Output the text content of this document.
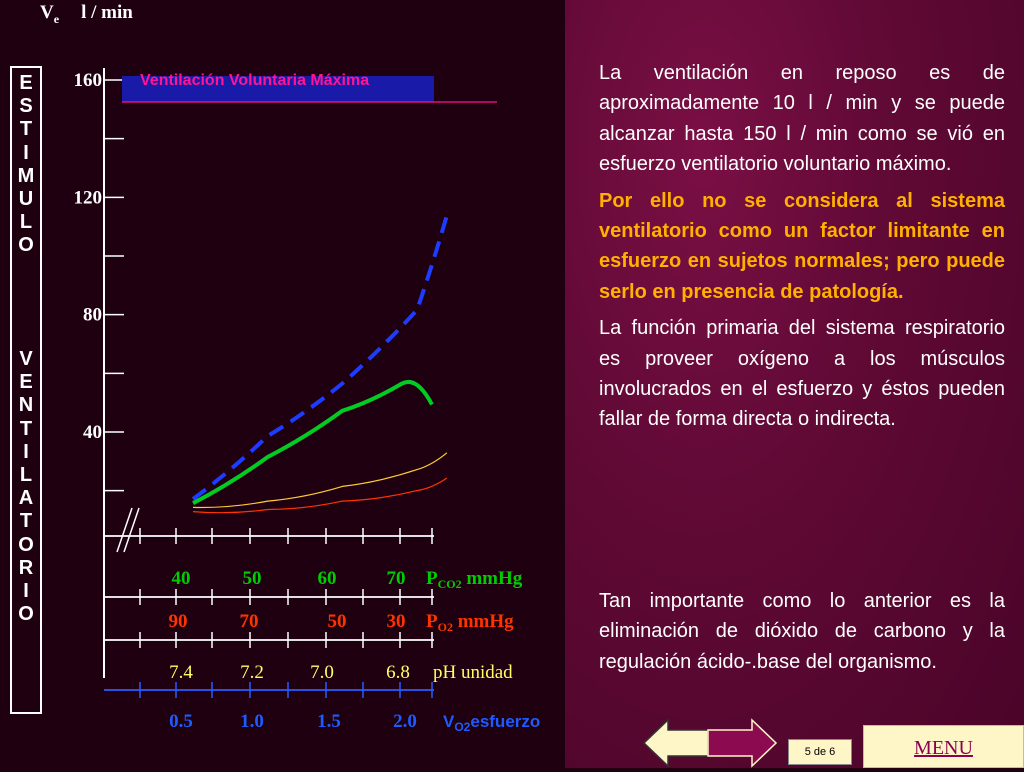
$V_e$ l / min
E
S
T
I
M
U
L
O
V
E
N
T
I
L
A
T
O
R
I
O
160
120
80
40
40	50	60	70 $P_{CO2}$ mmHg
90	70	50 30 $P_{O2}$ mmHg
7.4 7.2 7.0	6.8 pH unidad
0.5 1.0	1.5	2.0 $V_{O2}esfuerzo$
Ventilación Voluntaria Máxima	La ventilación en reposo es de aproximadamente 10 l / min y se puede alcanzar hasta 150 l / min como se vió en esfuerzo ventilatorio voluntario máximo.

Por ello no se considera al sistema ventilatorio como un factor limitante en esfuerzo en sujetos normales; pero puede serlo en presencia de patología.

La función primaria del sistema respiratorio es proveer oxígeno a los músculos involucrados en el esfuerzo y éstos pueden fallar de forma directa o indirecta.

Tan importante como lo anterior es la eliminación de dióxido de carbono y la regulación ácido-.base del organismo.

5 de 6	MENU
